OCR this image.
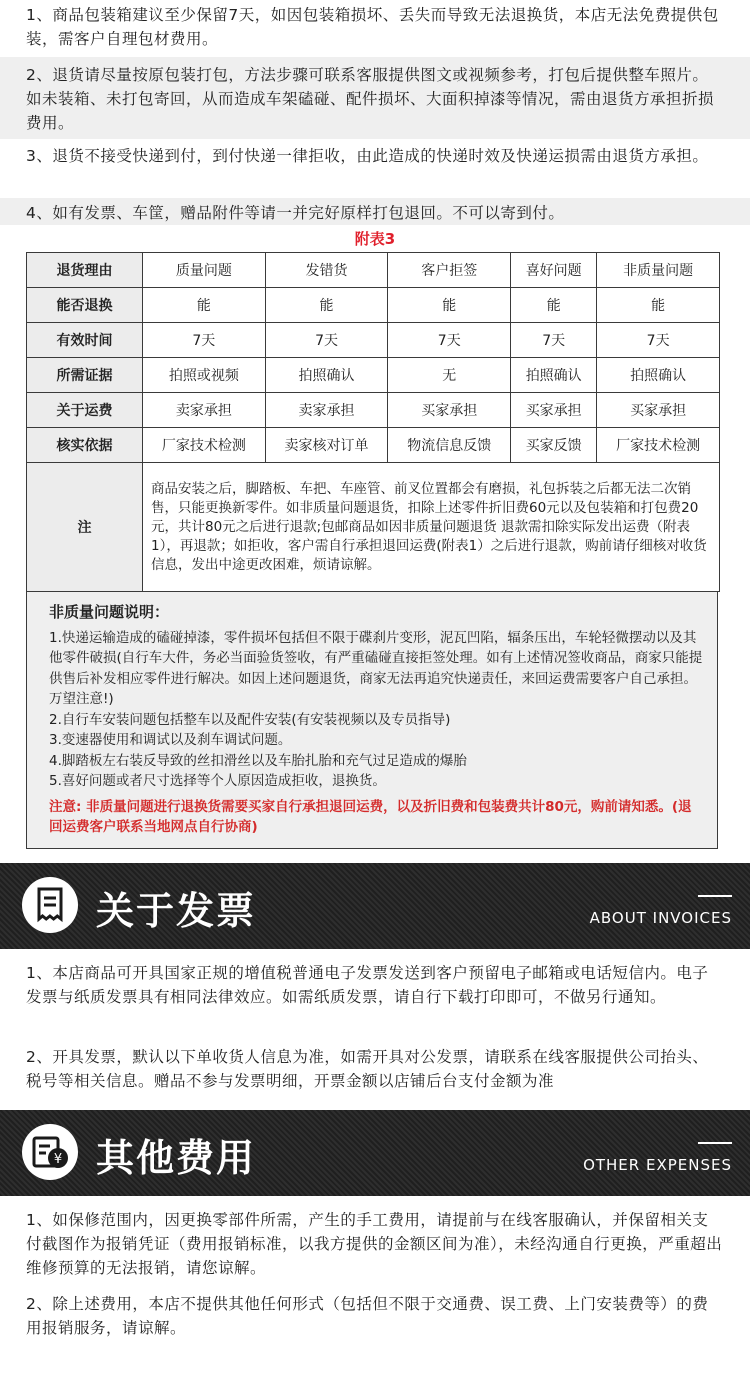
1、商品包装箱建议至少保留7天，如因包装箱损坏、丢失而导致无法退换货，本店无法免费提供包装，需客户自理包材费用。
2、退货请尽量按原包装打包，方法步骤可联系客服提供图文或视频参考，打包后提供整车照片。如未装箱、未打包寄回，从而造成车架磕碰、配件损坏、大面积掉漆等情况，需由退货方承担折损费用。
3、退货不接受快递到付，到付快递一律拒收，由此造成的快递时效及快递运损需由退货方承担。
4、如有发票、车筐，赠品附件等请一并完好原样打包退回。不可以寄到付。
附表3
退货理由	质量问题	发错货	客户拒签	喜好问题	非质量问题
能否退换	能	能	能	能	能
有效时间	7天	7天	7天	7天	7天
所需证据	拍照或视频	拍照确认	无	拍照确认	拍照确认
关于运费	卖家承担	卖家承担	买家承担	买家承担	买家承担
核实依据	厂家技术检测	卖家核对订单	物流信息反馈	买家反馈	厂家技术检测
注	商品安装之后，脚踏板、车把、车座管、前叉位置都会有磨损，礼包拆装之后都无法二次销售，只能更换新零件。如非质量问题退货，扣除上述零件折旧费60元以及包装箱和打包费20元，共计80元之后进行退款;包邮商品如因非质量问题退货 退款需扣除实际发出运费（附表1），再退款；如拒收，客户需自行承担退回运费(附表1）之后进行退款，购前请仔细核对收货信息，发出中途更改困难，烦请谅解。				
非质量问题说明：
1.快递运输造成的磕碰掉漆，零件损坏包括但不限于碟刹片变形，泥瓦凹陷，辐条压出，车轮轻微摆动以及其他零件破损(自行车大件，务必当面验货签收，有严重磕碰直接拒签处理。如有上述情况签收商品，商家只能提供售后补发相应零件进行解决。如因上述问题退货，商家无法再追究快递责任，来回运费需要客户自己承担。万望注意!)
2.自行车安装问题包括整车以及配件安装(有安装视频以及专员指导)
3.变速器使用和调试以及刹车调试问题。
4.脚踏板左右装反导致的丝扣滑丝以及车胎扎胎和充气过足造成的爆胎
5.喜好问题或者尺寸选择等个人原因造成拒收，退换货。
注意: 非质量问题进行退换货需要买家自行承担退回运费，以及折旧费和包装费共计80元，购前请知悉。(退回运费客户联系当地网点自行协商)
关于发票	ABOUT INVOICES
1、本店商品可开具国家正规的增值税普通电子发票发送到客户预留电子邮箱或电话短信内。电子发票与纸质发票具有相同法律效应。如需纸质发票，请自行下载打印即可，不做另行通知。
2、开具发票，默认以下单收货人信息为准，如需开具对公发票，请联系在线客服提供公司抬头、税号等相关信息。赠品不参与发票明细，开票金额以店铺后台支付金额为准
¥ 其他费用	OTHER EXPENSES
1、如保修范围内，因更换零部件所需，产生的手工费用，请提前与在线客服确认，并保留相关支付截图作为报销凭证（费用报销标准，以我方提供的金额区间为准），未经沟通自行更换，严重超出维修预算的无法报销，请您谅解。
2、除上述费用，本店不提供其他任何形式（包括但不限于交通费、误工费、上门安装费等）的费用报销服务，请谅解。
